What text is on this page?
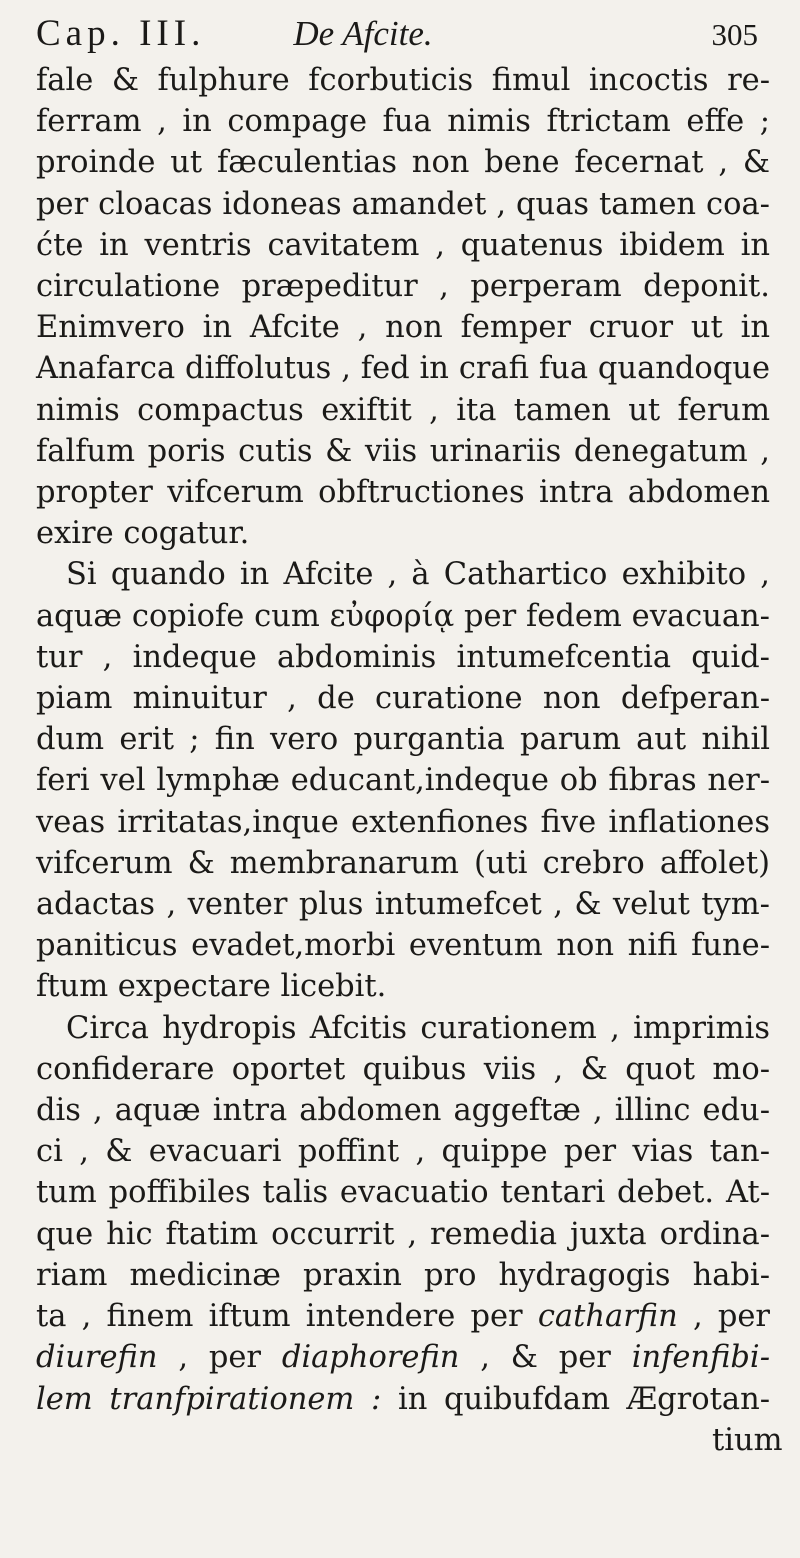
Cap. III.	De Afcite.	305
fale & fulphure fcorbuticis fimul incoctis re-
ferram , in compage fua nimis ftrictam effe ;
proinde ut fæculentias non bene fecernat , &
per cloacas idoneas amandet , quas tamen coa-
ćte in ventris cavitatem , quatenus ibidem in
circulatione præpeditur , perperam deponit.
Enimvero in Afcite , non femper cruor ut in
Anafarca diffolutus , fed in crafi fua quandoque
nimis compactus exiftit , ita tamen ut ferum
falfum poris cutis & viis urinariis denegatum ,
propter vifcerum obftructiones intra abdomen
exire cogatur.
Si quando in Afcite , à Cathartico exhibito ,
aquæ copiofe cum εὐφορίᾳ per fedem evacuan-
tur , indeque abdominis intumefcentia quid-
piam minuitur , de curatione non defperan-
dum erit ; fin vero purgantia parum aut nihil
feri vel lymphæ educant,indeque ob fibras ner-
veas irritatas,inque extenfiones five inflationes
vifcerum & membranarum (uti crebro affolet)
adactas , venter plus intumefcet , & velut tym-
paniticus evadet,morbi eventum non nifi fune-
ftum expectare licebit.
Circa hydropis Afcitis curationem , imprimis
confiderare oportet quibus viis , & quot mo-
dis , aquæ intra abdomen aggeftæ , illinc edu-
ci , & evacuari poffint , quippe per vias tan-
tum poffibiles talis evacuatio tentari debet. At-
que hic ftatim occurrit , remedia juxta ordina-
riam medicinæ praxin pro hydragogis habi-
ta , finem iftum intendere per catharfin , per
diurefin , per diaphorefin , & per infenfibi-
lem tranfpirationem : in quibufdam Ægrotan-
tium
